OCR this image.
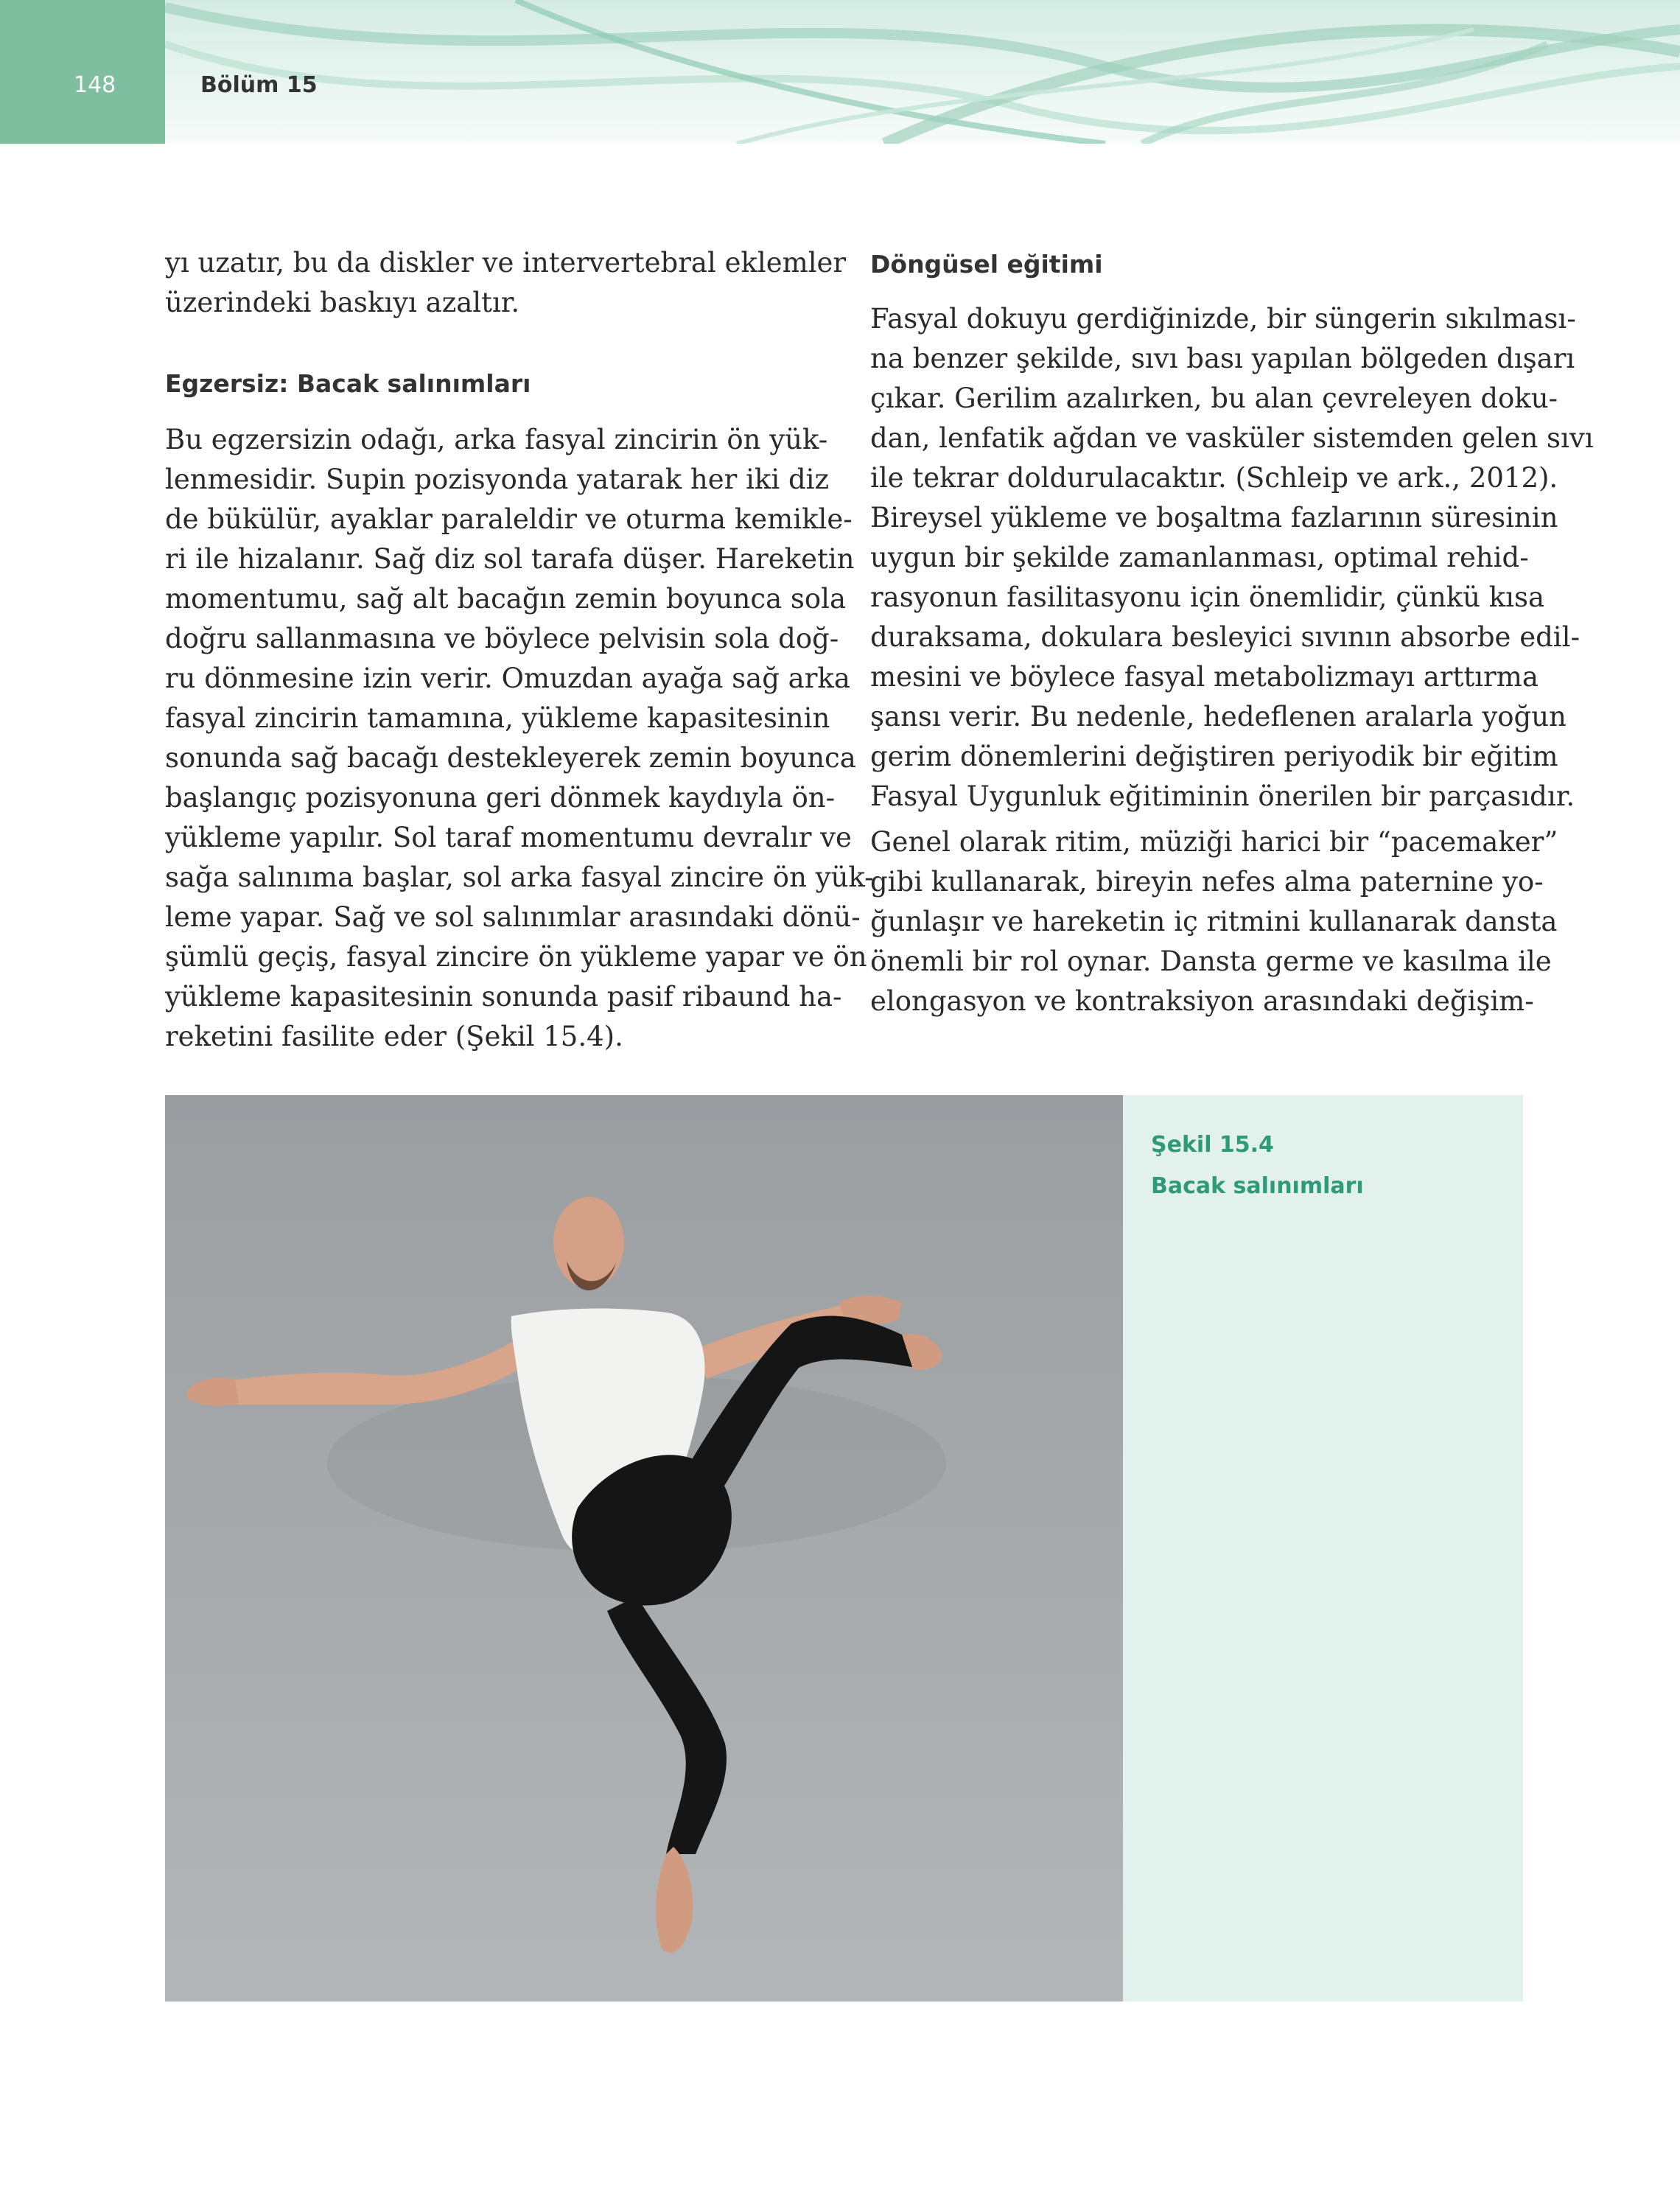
148	Bölüm 15

yı uzatır, bu da diskler ve intervertebral eklemler
üzerindeki baskıyı azaltır.

Egzersiz: Bacak salınımları

Bu egzersizin odağı, arka fasyal zincirin ön yük-
lenmesidir. Supin pozisyonda yatarak her iki diz
de bükülür, ayaklar paraleldir ve oturma kemikle-
ri ile hizalanır. Sağ diz sol tarafa düşer. Hareketin
momentumu, sağ alt bacağın zemin boyunca sola
doğru sallanmasına ve böylece pelvisin sola doğ-
ru dönmesine izin verir. Omuzdan ayağa sağ arka
fasyal zincirin tamamına, yükleme kapasitesinin
sonunda sağ bacağı destekleyerek zemin boyunca
başlangıç pozisyonuna geri dönmek kaydıyla ön-
yükleme yapılır. Sol taraf momentumu devralır ve
sağa salınıma başlar, sol arka fasyal zincire ön yük-
leme yapar. Sağ ve sol salınımlar arasındaki dönü-
şümlü geçiş, fasyal zincire ön yükleme yapar ve ön
yükleme kapasitesinin sonunda pasif ribaund ha-
reketini fasilite eder (Şekil 15.4).

Döngüsel eğitimi

Fasyal dokuyu gerdiğinizde, bir süngerin sıkılması-
na benzer şekilde, sıvı bası yapılan bölgeden dışarı
çıkar. Gerilim azalırken, bu alan çevreleyen doku-
dan, lenfatik ağdan ve vasküler sistemden gelen sıvı
ile tekrar doldurulacaktır. (Schleip ve ark., 2012).
Bireysel yükleme ve boşaltma fazlarının süresinin
uygun bir şekilde zamanlanması, optimal rehid-
rasyonun fasilitasyonu için önemlidir, çünkü kısa
duraksama, dokulara besleyici sıvının absorbe edil-
mesini ve böylece fasyal metabolizmayı arttırma
şansı verir. Bu nedenle, hedeflenen aralarla yoğun
gerim dönemlerini değiştiren periyodik bir eğitim
Fasyal Uygunluk eğitiminin önerilen bir parçasıdır.

Genel olarak ritim, müziği harici bir “pacemaker”
gibi kullanarak, bireyin nefes alma paternine yo-
ğunlaşır ve hareketin iç ritmini kullanarak dansta
önemli bir rol oynar. Dansta germe ve kasılma ile
elongasyon ve kontraksiyon arasındaki değişim-

Şekil 15.4
Bacak salınımları
